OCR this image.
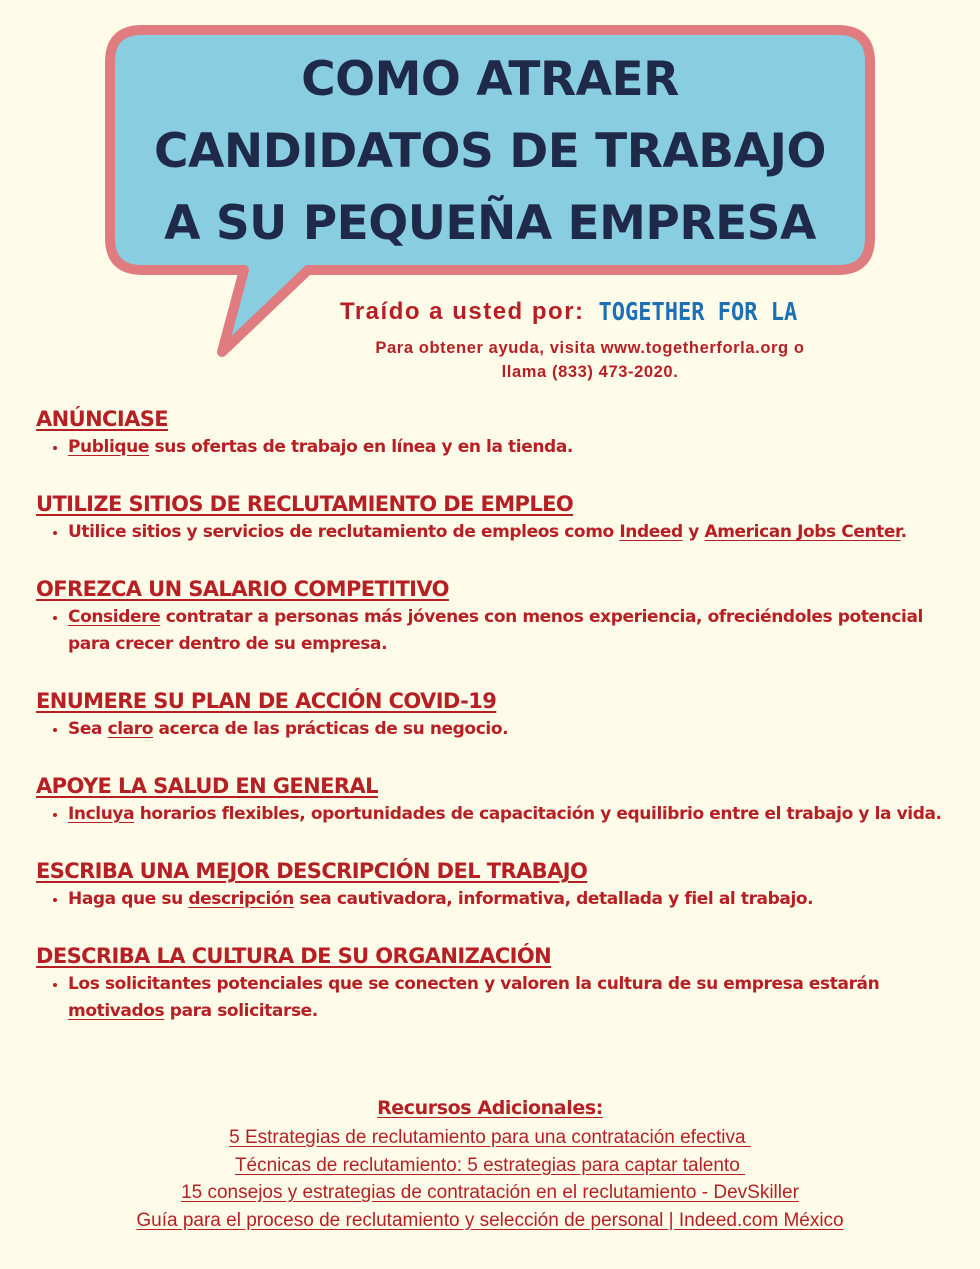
COMO ATRAER
CANDIDATOS DE TRABAJO
A SU PEQUEÑA EMPRESA
Traído a usted por: TOGETHER FOR LA
Para obtener ayuda, visita www.togetherforla.org o
llama (833) 473-2020.
ANÚNCIASE
• Publique sus ofertas de trabajo en línea y en la tienda.
UTILIZE SITIOS DE RECLUTAMIENTO DE EMPLEO
• Utilice sitios y servicios de reclutamiento de empleos como Indeed y American Jobs Center.
OFREZCA UN SALARIO COMPETITIVO
• Considere contratar a personas más jóvenes con menos experiencia, ofreciéndoles potencial para crecer dentro de su empresa.
ENUMERE SU PLAN DE ACCIÓN COVID-19
• Sea claro acerca de las prácticas de su negocio.
APOYE LA SALUD EN GENERAL
• Incluya horarios flexibles, oportunidades de capacitación y equilibrio entre el trabajo y la vida.
ESCRIBA UNA MEJOR DESCRIPCIÓN DEL TRABAJO
• Haga que su descripción sea cautivadora, informativa, detallada y fiel al trabajo.
DESCRIBA LA CULTURA DE SU ORGANIZACIÓN
• Los solicitantes potenciales que se conecten y valoren la cultura de su empresa estarán motivados para solicitarse.
Recursos Adicionales:
5 Estrategias de reclutamiento para una contratación efectiva
Técnicas de reclutamiento: 5 estrategias para captar talento
15 consejos y estrategias de contratación en el reclutamiento - DevSkiller
Guía para el proceso de reclutamiento y selección de personal | Indeed.com México
